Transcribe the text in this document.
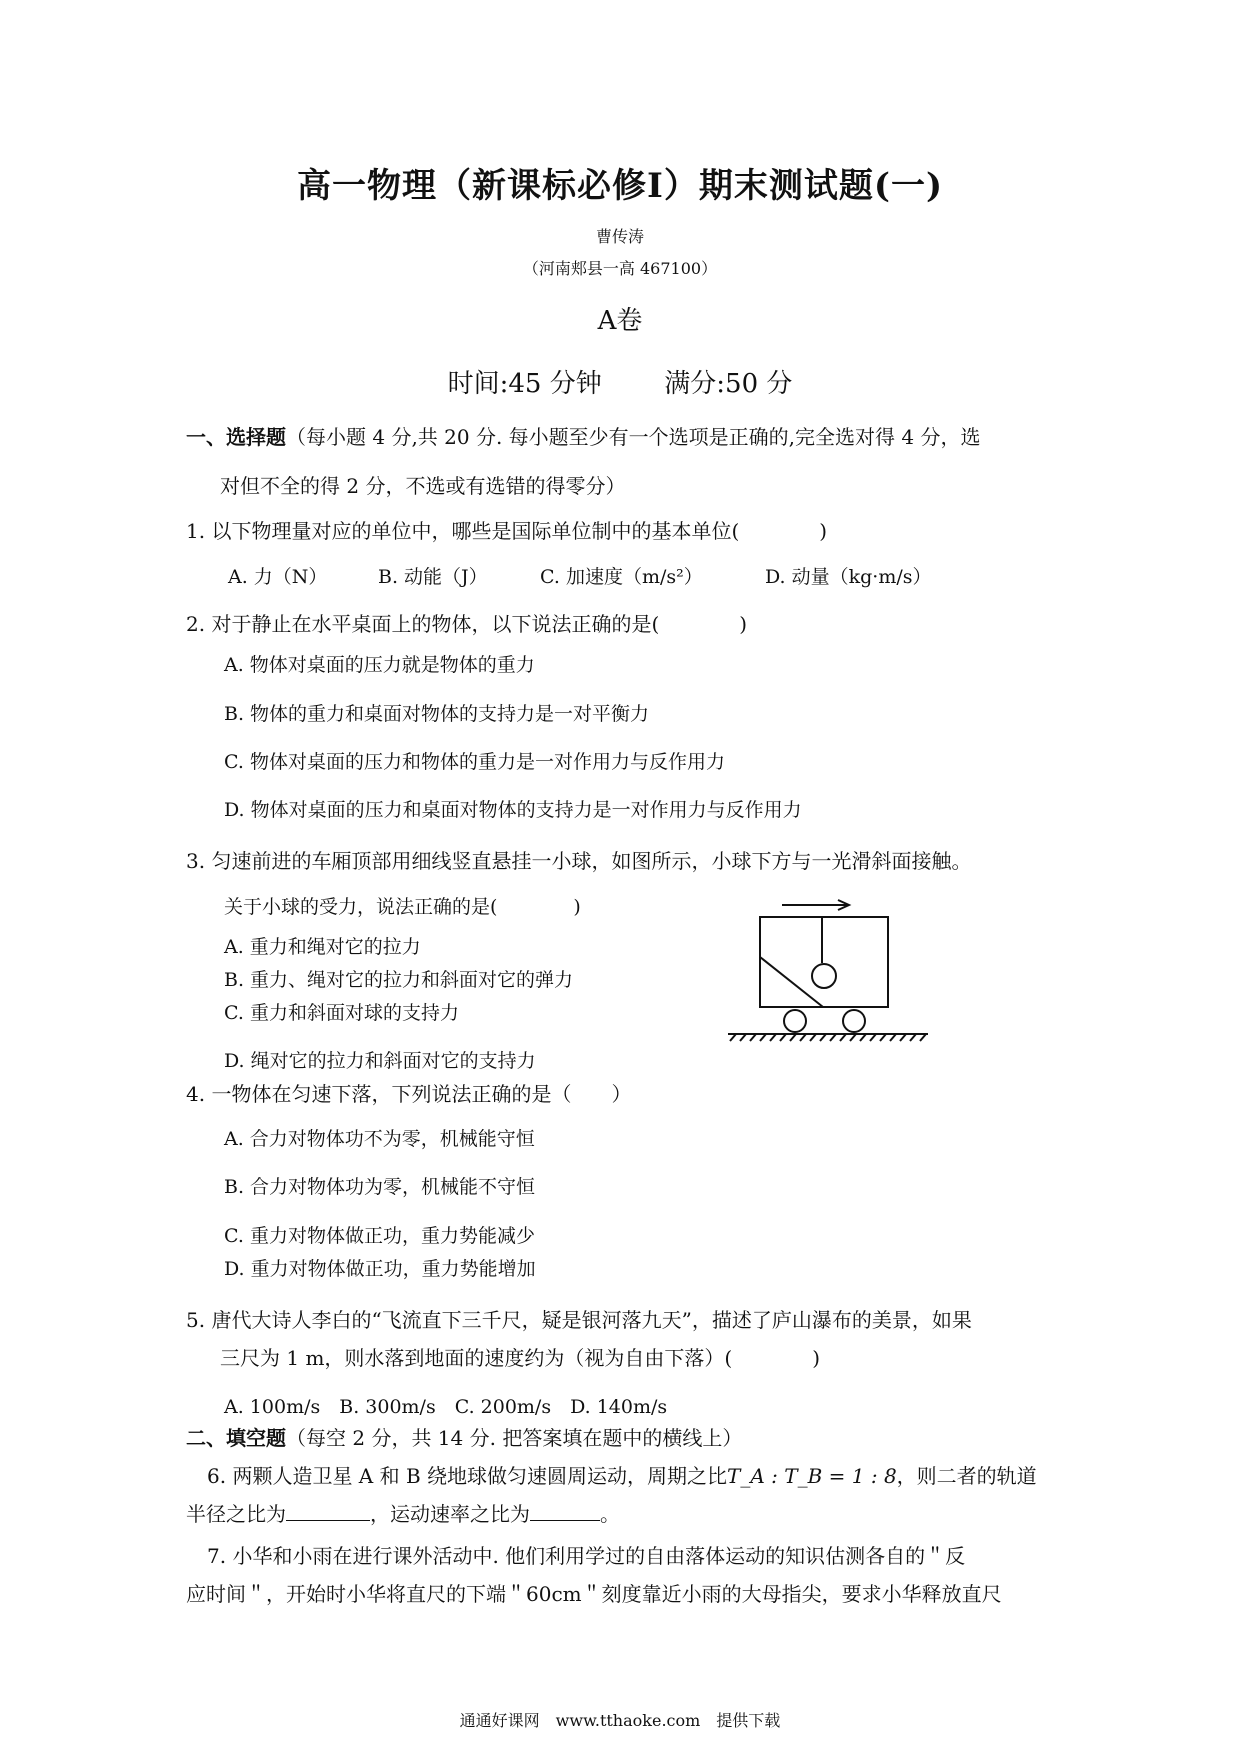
高一物理（新课标必修Ⅰ）期末测试题(一)
曹传涛
（河南郏县一高 467100）
A卷
时间:45 分钟 满分:50 分
一、选择题（每小题 4 分,共 20 分. 每小题至少有一个选项是正确的,完全选对得 4 分，选
对但不全的得 2 分，不选或有选错的得零分）
1. 以下物理量对应的单位中，哪些是国际单位制中的基本单位(　　　　)
A. 力（N）	B. 动能（J）	C. 加速度（m/s²）	D. 动量（kg·m/s）
2. 对于静止在水平桌面上的物体，以下说法正确的是(　　　　)
A. 物体对桌面的压力就是物体的重力
B. 物体的重力和桌面对物体的支持力是一对平衡力
C. 物体对桌面的压力和物体的重力是一对作用力与反作用力
D. 物体对桌面的压力和桌面对物体的支持力是一对作用力与反作用力
3. 匀速前进的车厢顶部用细线竖直悬挂一小球，如图所示，小球下方与一光滑斜面接触。
关于小球的受力，说法正确的是(　　　　)
A. 重力和绳对它的拉力
B. 重力、绳对它的拉力和斜面对它的弹力
C. 重力和斜面对球的支持力
D. 绳对它的拉力和斜面对它的支持力
4. 一物体在匀速下落，下列说法正确的是（　　）
A. 合力对物体功不为零，机械能守恒
B. 合力对物体功为零，机械能不守恒
C. 重力对物体做正功，重力势能减少
D. 重力对物体做正功，重力势能增加
5. 唐代大诗人李白的“飞流直下三千尺，疑是银河落九天”，描述了庐山瀑布的美景，如果
三尺为 1 m，则水落到地面的速度约为（视为自由下落）(　　　　)
A. 100m/s　B. 300m/s　C. 200m/s　D. 140m/s
二、填空题（每空 2 分，共 14 分. 把答案填在题中的横线上）
6. 两颗人造卫星 A 和 B 绕地球做匀速圆周运动，周期之比T_A : T_B = 1 : 8，则二者的轨道
半径之比为	，运动速率之比为	。
7. 小华和小雨在进行课外活动中. 他们利用学过的自由落体运动的知识估测各自的＂反
应时间＂，开始时小华将直尺的下端＂60cm＂刻度靠近小雨的大母指尖，要求小华释放直尺
通通好课网　www.tthaoke.com　提供下载
